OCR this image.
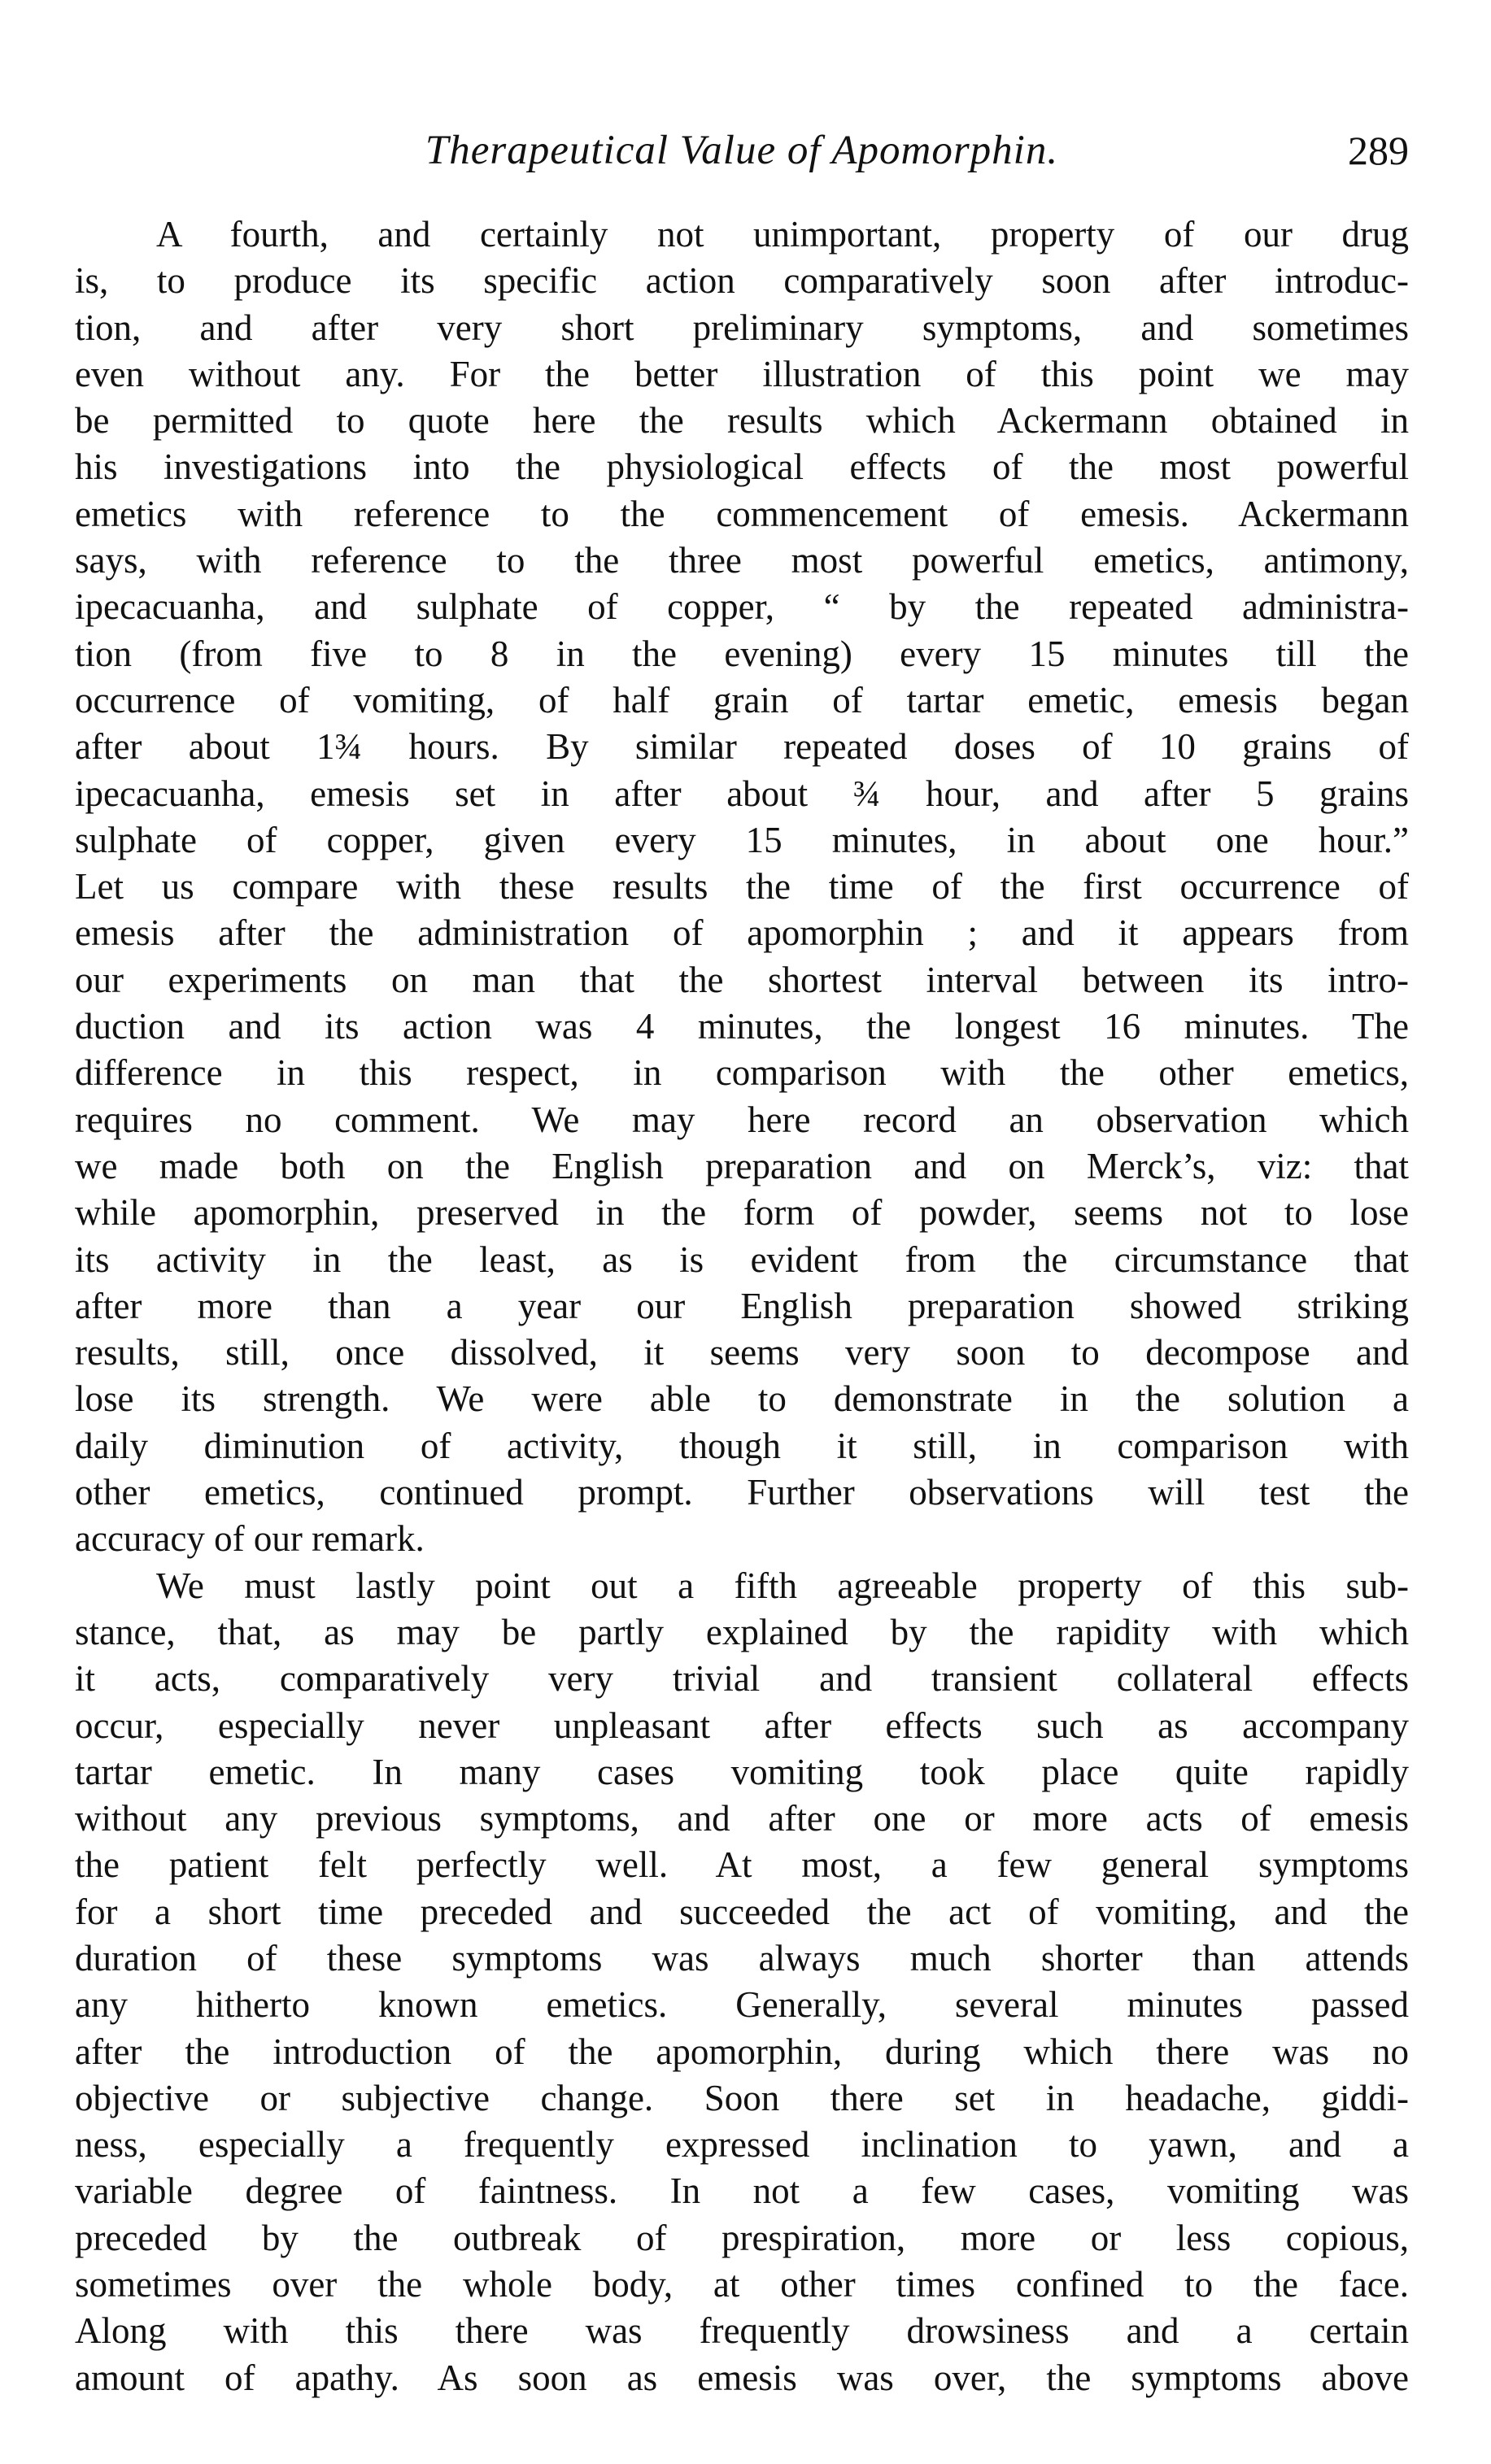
Therapeutical Value of Apomorphin.	289
A fourth, and certainly not unimportant, property of our drug
is, to produce its specific action comparatively soon after introduc-
tion, and after very short preliminary symptoms, and sometimes
even without any. For the better illustration of this point we may
be permitted to quote here the results which Ackermann obtained in
his investigations into the physiological effects of the most powerful
emetics with reference to the commencement of emesis. Ackermann
says, with reference to the three most powerful emetics, antimony,
ipecacuanha, and sulphate of copper, “ by the repeated administra-
tion (from five to 8 in the evening) every 15 minutes till the
occurrence of vomiting, of half grain of tartar emetic, emesis began
after about 1¾ hours. By similar repeated doses of 10 grains of
ipecacuanha, emesis set in after about ¾ hour, and after 5 grains
sulphate of copper, given every 15 minutes, in about one hour.”
Let us compare with these results the time of the first occurrence of
emesis after the administration of apomorphin ; and it appears from
our experiments on man that the shortest interval between its intro-
duction and its action was 4 minutes, the longest 16 minutes. The
difference in this respect, in comparison with the other emetics,
requires no comment. We may here record an observation which
we made both on the English preparation and on Merck’s, viz: that
while apomorphin, preserved in the form of powder, seems not to lose
its activity in the least, as is evident from the circumstance that
after more than a year our English preparation showed striking
results, still, once dissolved, it seems very soon to decompose and
lose its strength. We were able to demonstrate in the solution a
daily diminution of activity, though it still, in comparison with
other emetics, continued prompt. Further observations will test the
accuracy of our remark.
We must lastly point out a fifth agreeable property of this sub-
stance, that, as may be partly explained by the rapidity with which
it acts, comparatively very trivial and transient collateral effects
occur, especially never unpleasant after effects such as accompany
tartar emetic. In many cases vomiting took place quite rapidly
without any previous symptoms, and after one or more acts of emesis
the patient felt perfectly well. At most, a few general symptoms
for a short time preceded and succeeded the act of vomiting, and the
duration of these symptoms was always much shorter than attends
any hitherto known emetics. Generally, several minutes passed
after the introduction of the apomorphin, during which there was no
objective or subjective change. Soon there set in headache, giddi-
ness, especially a frequently expressed inclination to yawn, and a
variable degree of faintness. In not a few cases, vomiting was
preceded by the outbreak of prespiration, more or less copious,
sometimes over the whole body, at other times confined to the face.
Along with this there was frequently drowsiness and a certain
amount of apathy. As soon as emesis was over, the symptoms above
